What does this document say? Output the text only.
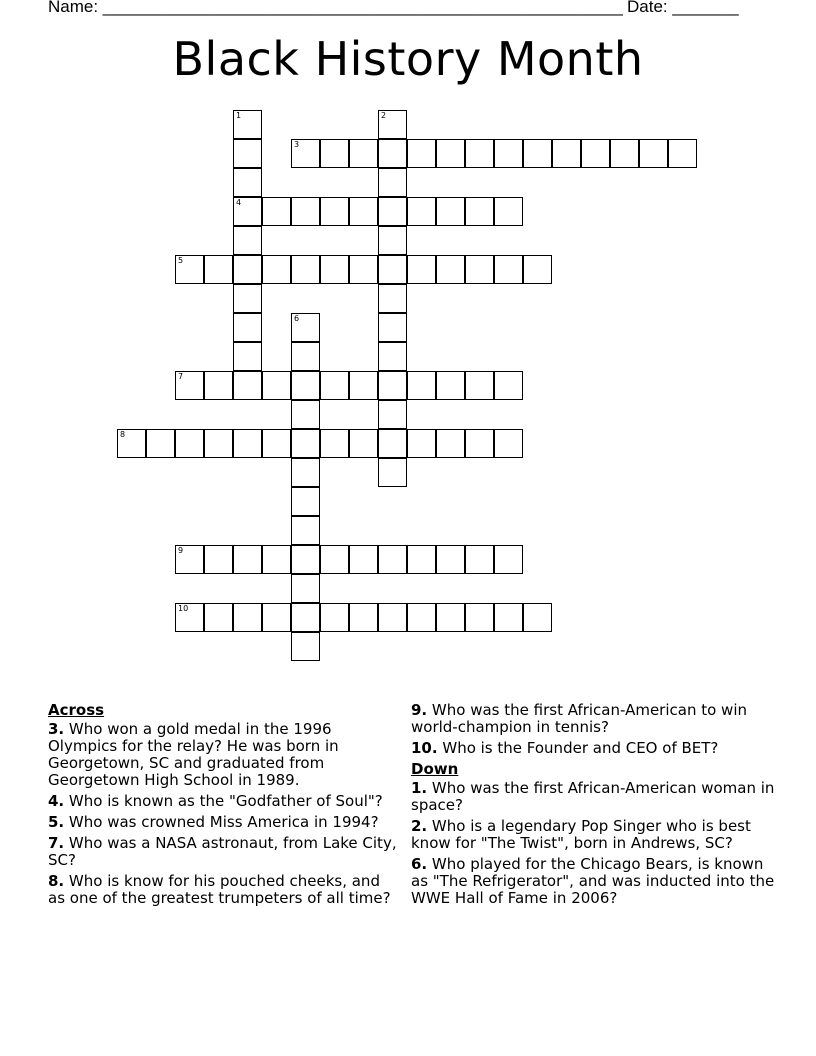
Name: _______________________________________________________ Date: _______
Black History Month
1
4
2
3
5
6
7
8
9
10
Across
3. Who won a gold medal in the 1996 Olympics for the relay? He was born in Georgetown, SC and graduated from Georgetown High School in 1989.
4. Who is known as the "Godfather of Soul"?
5. Who was crowned Miss America in 1994?
7. Who was a NASA astronaut, from Lake City, SC?
8. Who is know for his pouched cheeks, and as one of the greatest trumpeters of all time?
9. Who was the first African-American to win world-champion in tennis?
10. Who is the Founder and CEO of BET?
Down
1. Who was the first African-American woman in space?
2. Who is a legendary Pop Singer who is best know for "The Twist", born in Andrews, SC?
6. Who played for the Chicago Bears, is known as "The Refrigerator", and was inducted into the WWE Hall of Fame in 2006?
